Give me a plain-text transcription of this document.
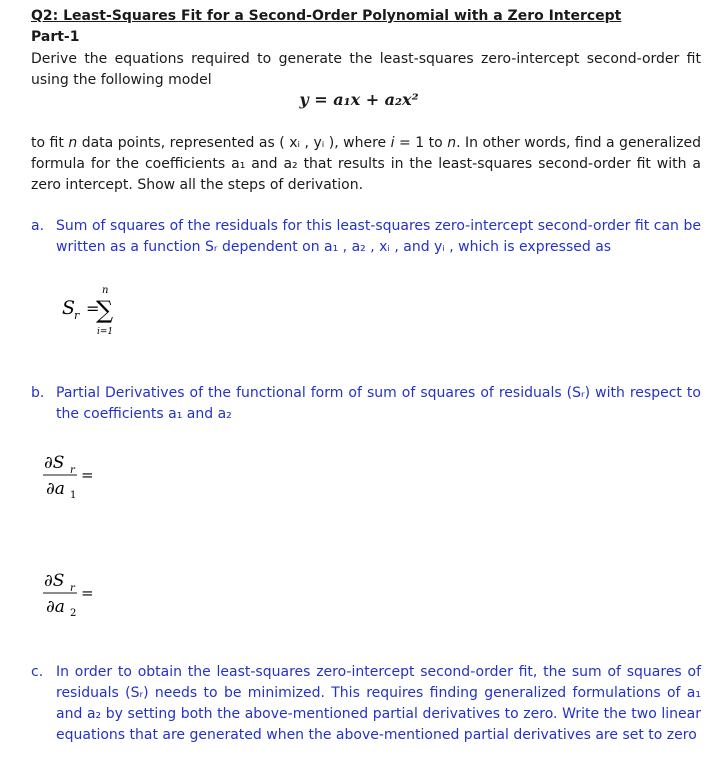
Q2: Least-Squares Fit for a Second-Order Polynomial with a Zero Intercept
Part-1
Derive the equations required to generate the least-squares zero-intercept second-order fit using the following model
y = a₁x + a₂x²
to fit n data points, represented as ( xᵢ , yᵢ ), where i = 1 to n. In other words, find a generalized formula for the coefficients a₁ and a₂ that results in the least-squares second-order fit with a zero intercept. Show all the steps of derivation.
a. Sum of squares of the residuals for this least-squares zero-intercept second-order fit can be written as a function Sᵣ dependent on a₁ , a₂ , xᵢ , and yᵢ , which is expressed as
S
r =
n
∑
i=1
b. Partial Derivatives of the functional form of sum of squares of residuals (Sᵣ) with respect to the coefficients a₁ and a₂
∂S r
∂a 1
=
∂S r
∂a 2
=
c. In order to obtain the least-squares zero-intercept second-order fit, the sum of squares of residuals (Sᵣ) needs to be minimized. This requires finding generalized formulations of a₁ and a₂ by setting both the above-mentioned partial derivatives to zero. Write the two linear equations that are generated when the above-mentioned partial derivatives are set to zero
